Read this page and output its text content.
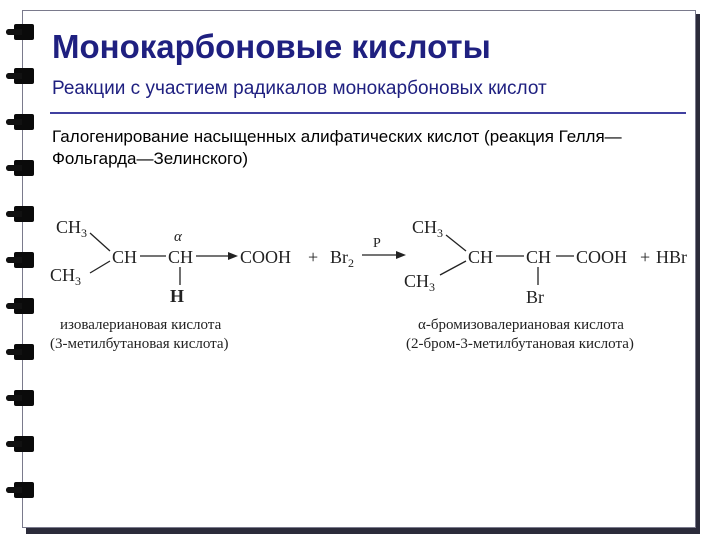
Монокарбоновые кислоты
Реакции с участием радикалов монокарбоновых кислот
Галогенирование насыщенных алифатических кислот (реакция Гелля—Фольгарда—Зелинского)
$CH_3$
$CH_3$
CH
α
CH
H
COOH + $Br_2$
P
$CH_3$
$CH_3$
CH CH
Br
COOH + HBr
изовалериановая кислота
(3-метилбутановая кислота)
α-бромизовалериановая кислота
(2-бром-3-метилбутановая кислота)
